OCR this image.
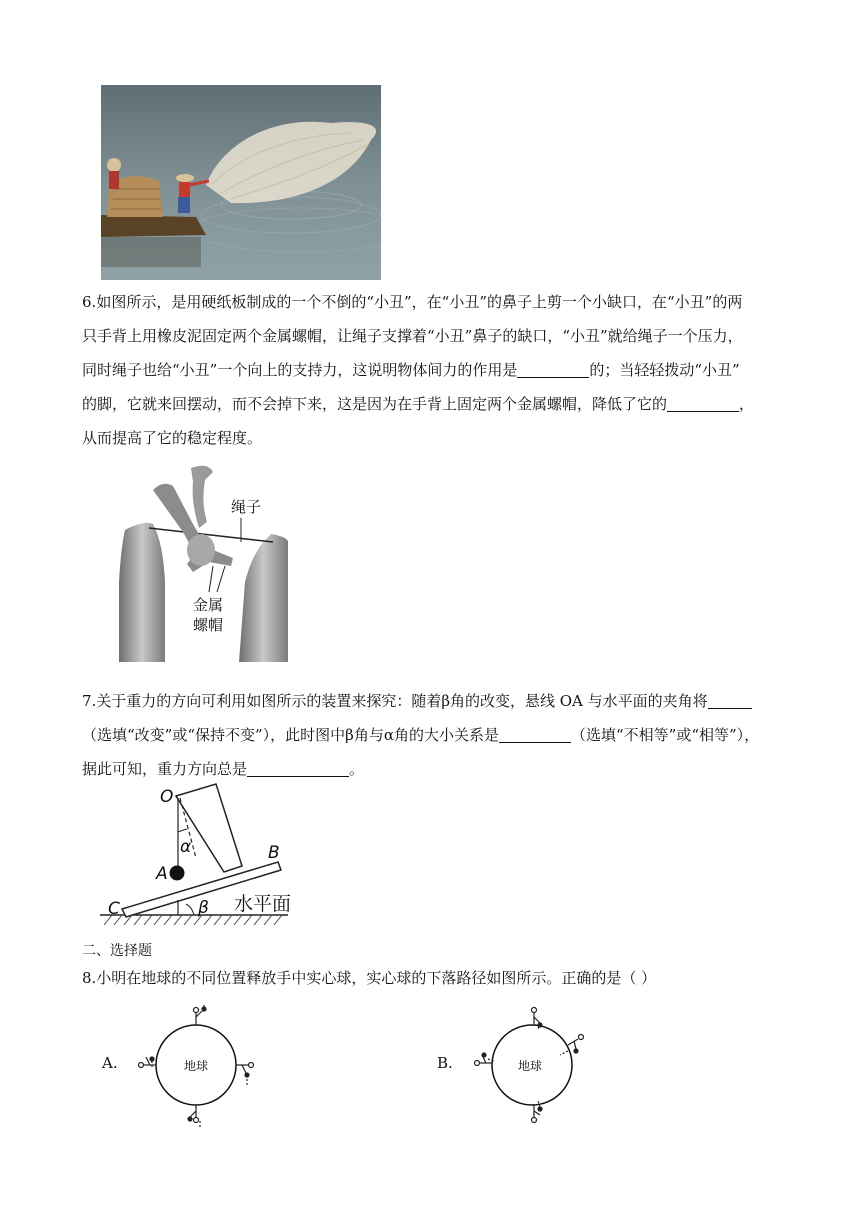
6.如图所示，是用硬纸板制成的一个不倒的“小丑”，在“小丑”的鼻子上剪一个小缺口，在“小丑”的两
只手背上用橡皮泥固定两个金属螺帽，让绳子支撑着“小丑”鼻子的缺口，“小丑”就给绳子一个压力，
同时绳子也给“小丑”一个向上的支持力，这说明物体间力的作用是	的；当轻轻拨动“小丑”
的脚，它就来回摆动，而不会掉下来，这是因为在手背上固定两个金属螺帽，降低了它的	，
从而提高了它的稳定程度。
绳子
金属
螺帽
7.关于重力的方向可利用如图所示的装置来探究：随着β角的改变，悬线 OA 与水平面的夹角将
（选填“改变”或“保持不变”），此时图中β角与α角的大小关系是	（选填“不相等”或“相等”），
据此可知，重力方向总是	。
O
α
A
B
C	β 水平面
二、选择题
8.小明在地球的不同位置释放手中实心球，实心球的下落路径如图所示。正确的是（ ）
A.	地球	B.	地球
